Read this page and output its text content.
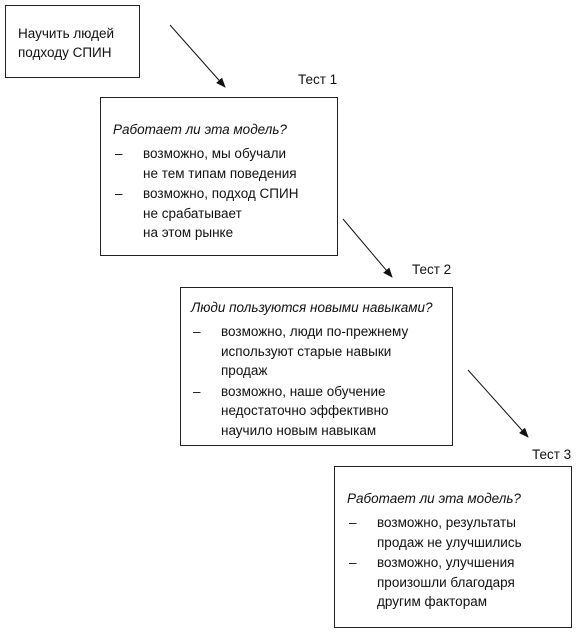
Научить людей
подходу СПИН
Тест 1
Работает ли эта модель?
– возможно, мы обучали
не тем типам поведения
– возможно, подход СПИН
не срабатывает
на этом рынке
Тест 2
Люди пользуются новыми навыками?
– возможно, люди по-прежнему
используют старые навыки
продаж
– возможно, наше обучение
недостаточно эффективно
научило новым навыкам
Тест 3
Работает ли эта модель?
– возможно, результаты
продаж не улучшились
– возможно, улучшения
произошли благодаря
другим факторам
